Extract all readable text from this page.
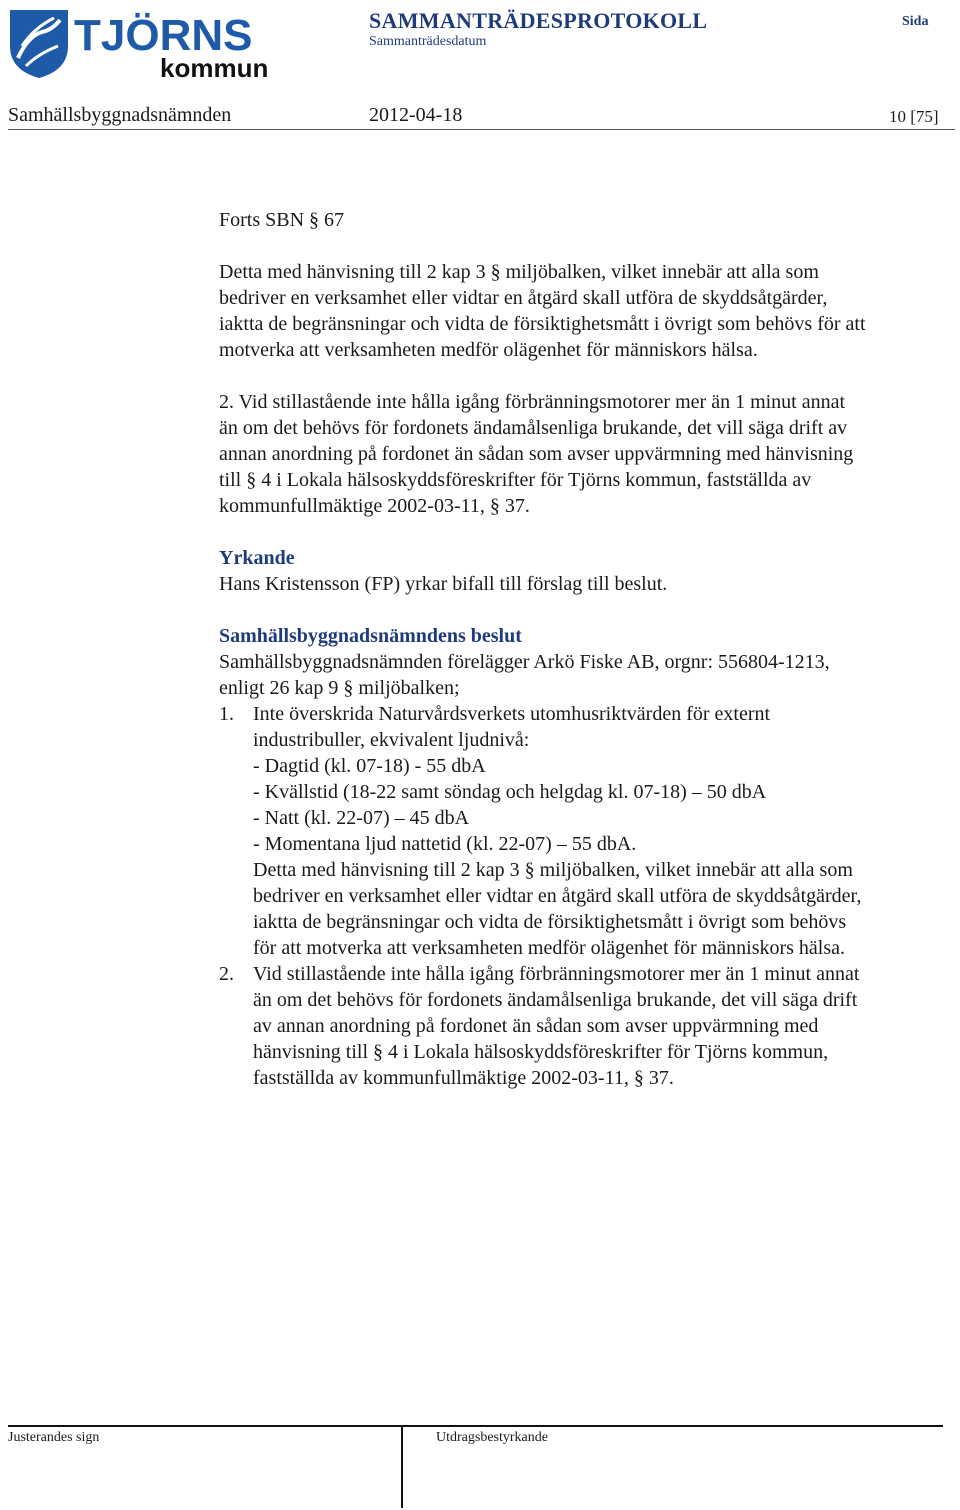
TJÖRNS
kommun
SAMMANTRÄDESPROTOKOLL
Sammanträdesdatum
Sida
Samhällsbyggnadsnämnden	2012-04-18	10 [75]

Forts SBN § 67

Detta med hänvisning till 2 kap 3 § miljöbalken, vilket innebär att alla som
bedriver en verksamhet eller vidtar en åtgärd skall utföra de skyddsåtgärder,
iaktta de begränsningar och vidta de försiktighetsmått i övrigt som behövs för att
motverka att verksamheten medför olägenhet för människors hälsa.
2. Vid stillastående inte hålla igång förbränningsmotorer mer än 1 minut annat
än om det behövs för fordonets ändamålsenliga brukande, det vill säga drift av
annan anordning på fordonet än sådan som avser uppvärmning med hänvisning
till § 4 i Lokala hälsoskyddsföreskrifter för Tjörns kommun, fastställda av
kommunfullmäktige 2002-03-11, § 37.
Yrkande
Hans Kristensson (FP) yrkar bifall till förslag till beslut.
Samhällsbyggnadsnämndens beslut
Samhällsbyggnadsnämnden förelägger Arkö Fiske AB, orgnr: 556804-1213,
enligt 26 kap 9 § miljöbalken;
1. Inte överskrida Naturvårdsverkets utomhusriktvärden för externt
industribuller, ekvivalent ljudnivå:
- Dagtid (kl. 07-18) - 55 dbA
- Kvällstid (18-22 samt söndag och helgdag kl. 07-18) – 50 dbA
- Natt (kl. 22-07) – 45 dbA
- Momentana ljud nattetid (kl. 22-07) – 55 dbA.
Detta med hänvisning till 2 kap 3 § miljöbalken, vilket innebär att alla som
bedriver en verksamhet eller vidtar en åtgärd skall utföra de skyddsåtgärder,
iaktta de begränsningar och vidta de försiktighetsmått i övrigt som behövs
för att motverka att verksamheten medför olägenhet för människors hälsa.
2. Vid stillastående inte hålla igång förbränningsmotorer mer än 1 minut annat
än om det behövs för fordonets ändamålsenliga brukande, det vill säga drift
av annan anordning på fordonet än sådan som avser uppvärmning med
hänvisning till § 4 i Lokala hälsoskyddsföreskrifter för Tjörns kommun,
fastställda av kommunfullmäktige 2002-03-11, § 37.
Justerandes sign	Utdragsbestyrkande
